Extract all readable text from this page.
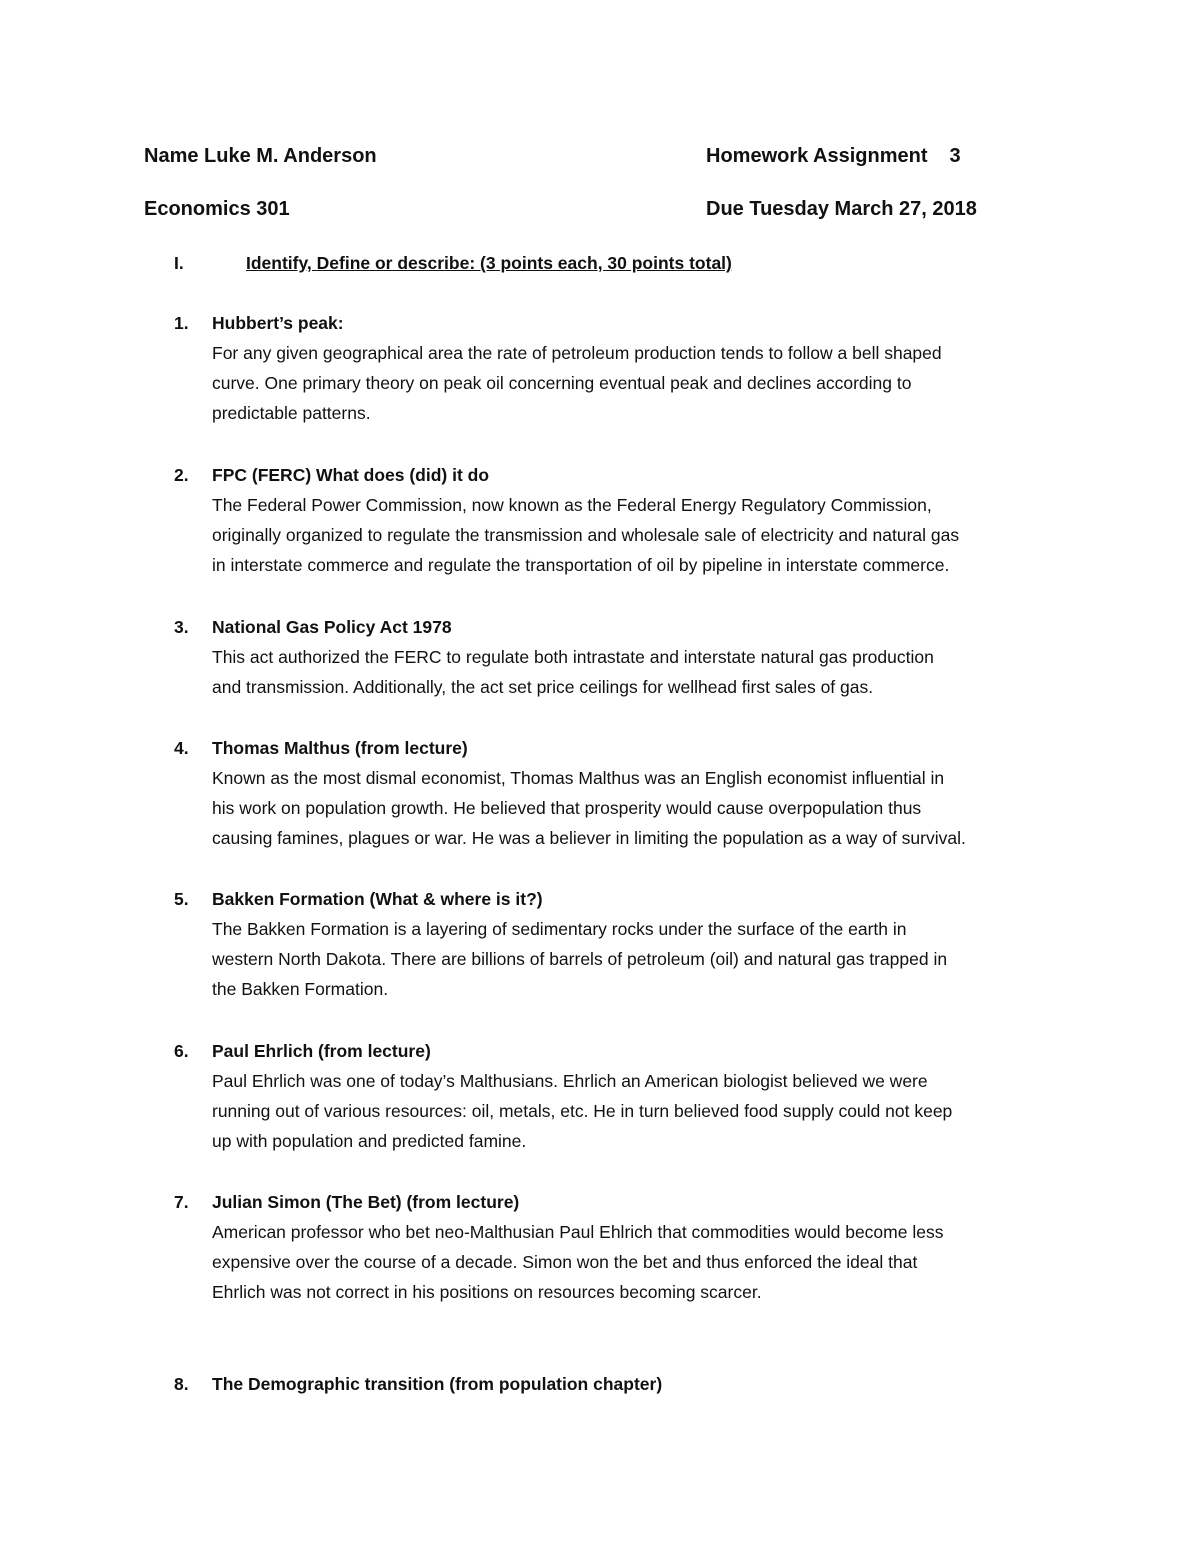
Name Luke M. Anderson	Homework Assignment 3
Economics 301	Due Tuesday March 27, 2018
I.	Identify, Define or describe: (3 points each, 30 points total)
1. Hubbert’s peak:
For any given geographical area the rate of petroleum production tends to follow a bell shaped
curve. One primary theory on peak oil concerning eventual peak and declines according to
predictable patterns.
2. FPC (FERC) What does (did) it do
The Federal Power Commission, now known as the Federal Energy Regulatory Commission,
originally organized to regulate the transmission and wholesale sale of electricity and natural gas
in interstate commerce and regulate the transportation of oil by pipeline in interstate commerce.
3. National Gas Policy Act 1978
This act authorized the FERC to regulate both intrastate and interstate natural gas production
and transmission. Additionally, the act set price ceilings for wellhead first sales of gas.
4. Thomas Malthus (from lecture)
Known as the most dismal economist, Thomas Malthus was an English economist influential in
his work on population growth. He believed that prosperity would cause overpopulation thus
causing famines, plagues or war. He was a believer in limiting the population as a way of survival.
5. Bakken Formation (What & where is it?)
The Bakken Formation is a layering of sedimentary rocks under the surface of the earth in
western North Dakota. There are billions of barrels of petroleum (oil) and natural gas trapped in
the Bakken Formation.
6. Paul Ehrlich (from lecture)
Paul Ehrlich was one of today’s Malthusians. Ehrlich an American biologist believed we were
running out of various resources: oil, metals, etc. He in turn believed food supply could not keep
up with population and predicted famine.
7. Julian Simon (The Bet) (from lecture)
American professor who bet neo-Malthusian Paul Ehlrich that commodities would become less
expensive over the course of a decade. Simon won the bet and thus enforced the ideal that
Ehrlich was not correct in his positions on resources becoming scarcer.
8. The Demographic transition (from population chapter)
